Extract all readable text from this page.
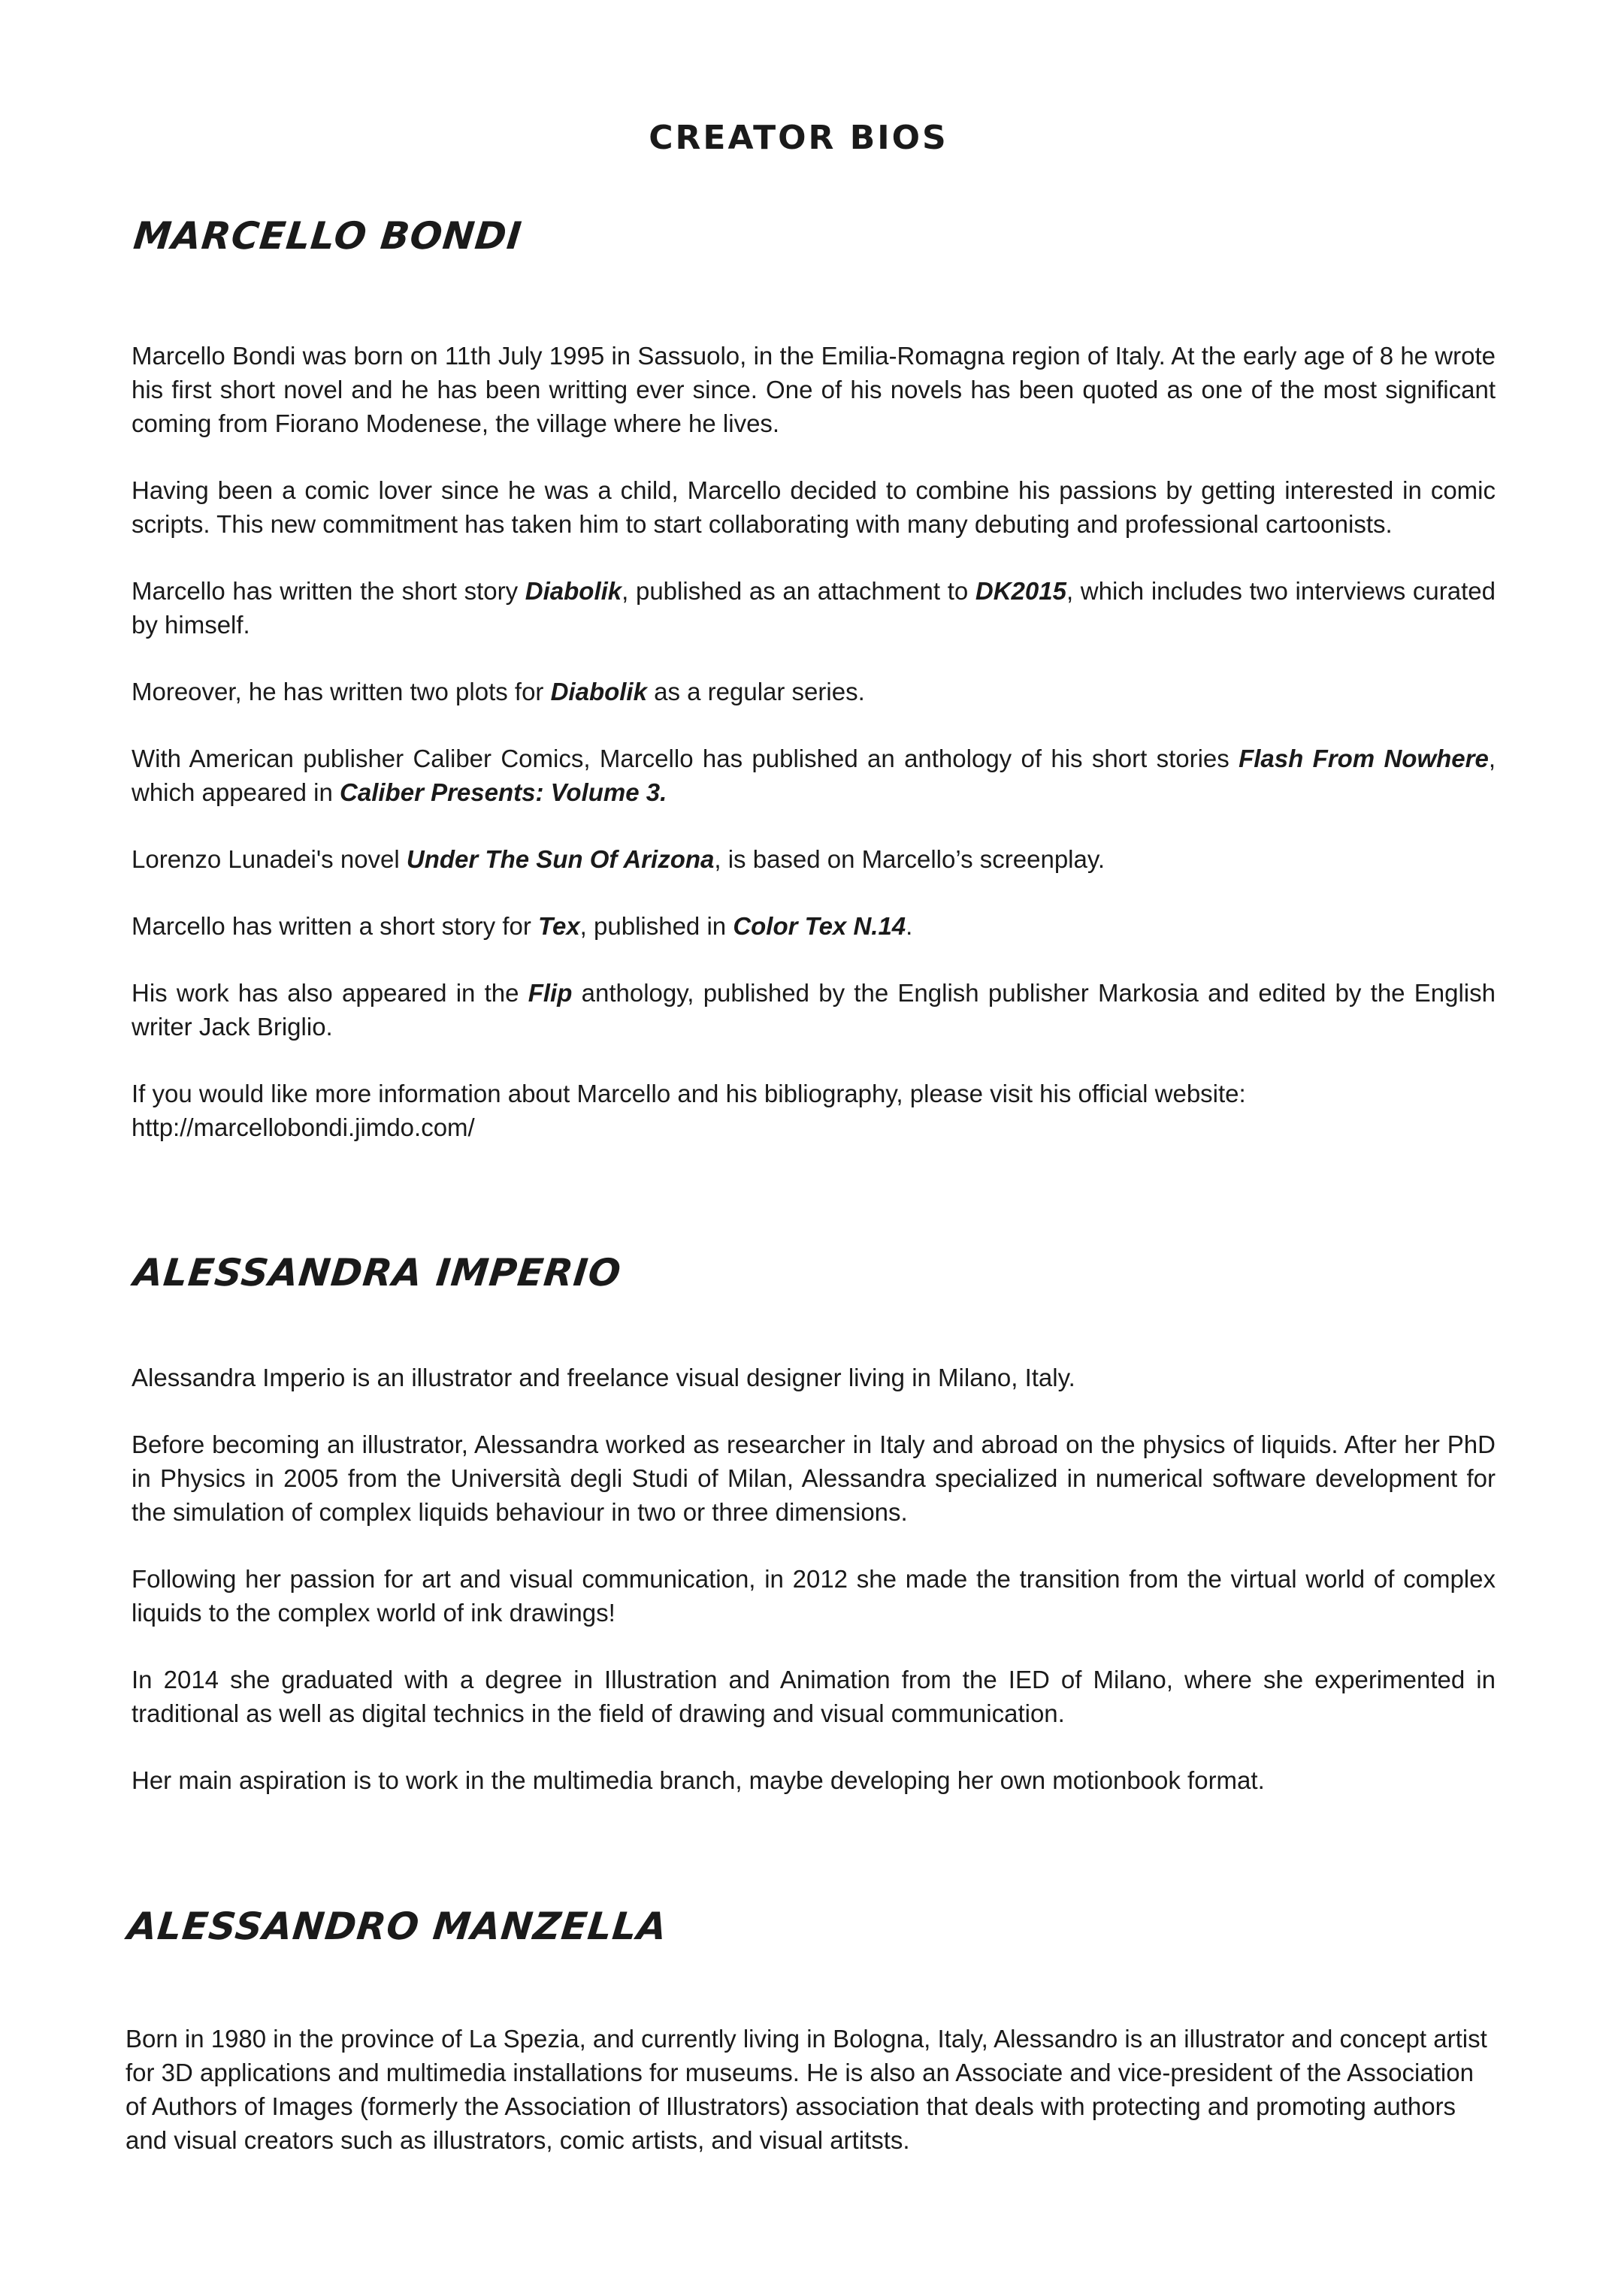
CREATOR BIOS
MARCELLO BONDI

Marcello Bondi was born on 11th July 1995 in Sassuolo, in the Emilia-Romagna region of Italy. At the early age of 8 he wrote his first short novel and he has been writting ever since. One of his novels has been quoted as one of the most significant coming from Fiorano Modenese, the village where he lives.

Having been a comic lover since he was a child, Marcello decided to combine his passions by getting interested in comic scripts. This new commitment has taken him to start collaborating with many debuting and professional cartoonists.

Marcello has written the short story Diabolik, published as an attachment to DK2015, which includes two interviews curated by himself.

Moreover, he has written two plots for Diabolik as a regular series.

With American publisher Caliber Comics, Marcello has published an anthology of his short stories Flash From Nowhere, which appeared in Caliber Presents: Volume 3.

Lorenzo Lunadei's novel Under The Sun Of Arizona, is based on Marcello’s screenplay.

Marcello has written a short story for Tex, published in Color Tex N.14.

His work has also appeared in the Flip anthology, published by the English publisher Markosia and edited by the English writer Jack Briglio.

If you would like more information about Marcello and his bibliography, please visit his official website:
http://marcellobondi.jimdo.com/

ALESSANDRA IMPERIO

Alessandra Imperio is an illustrator and freelance visual designer living in Milano, Italy.

Before becoming an illustrator, Alessandra worked as researcher in Italy and abroad on the physics of liquids. After her PhD in Physics in 2005 from the Università degli Studi of Milan, Alessandra specialized in numerical software development for the simulation of complex liquids behaviour in two or three dimensions.

Following her passion for art and visual communication, in 2012 she made the transition from the virtual world of complex liquids to the complex world of ink drawings!

In 2014 she graduated with a degree in Illustration and Animation from the IED of Milano, where she experimented in traditional as well as digital technics in the field of drawing and visual communication.

Her main aspiration is to work in the multimedia branch, maybe developing her own motionbook format.

ALESSANDRO MANZELLA

Born in 1980 in the province of La Spezia, and currently living in Bologna, Italy, Alessandro is an illustrator and concept artist for 3D applications and multimedia installations for museums. He is also an Associate and vice-president of the Association of Authors of Images (formerly the Association of Illustrators) association that deals with protecting and promoting authors and visual creators such as illustrators, comic artists, and visual artitsts.
